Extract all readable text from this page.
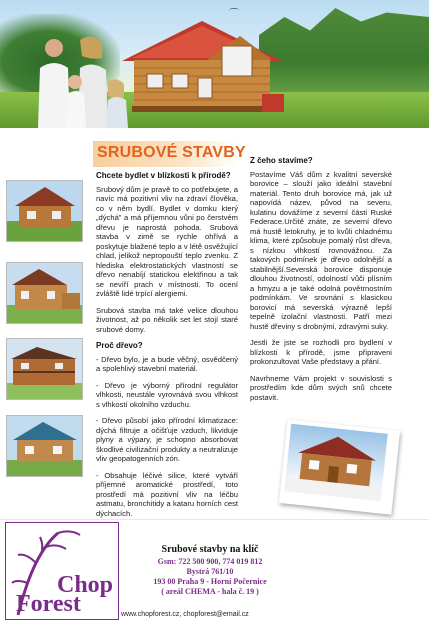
⌒
SRUBOVÉ STAVBY
Chcete bydlet v blízkosti k přírodě?

Srubový dům je pravě to co potřebujete, a navíc má pozitivní vliv na zdraví člověka, co v něm bydlí. Bydlet v domku který „dýchá" a má příjemnou vůni po čerstvém dřevu je naprostá pohoda. Srubová stavba v zimě se rychle ohřívá a poskytuje blažené teplo a v létě osvěžující chlad, jelikož nepropouští teplo zvenku. Z hlediska elektrostatických vlastností se dřevo nenabíjí statickou elektřinou a tak se nevíří prach v místnosti. To ocení zvláště lidé trpící alergiemi.

Srubová stavba má také velice dlouhou životnost, až po několik set let stojí staré srubové domy.

Proč dřevo?
- Dřevo bylo, je a bude věčný, osvědčený a spolehlivý stavební materiál.
- Dřevo je výborný přírodní regulátor vlhkosti, neustále vyrovnává svou vlhkost s vlhkostí okolního vzduchu.
- Dřevo působí jako přírodní klimatizace: dýchá filtruje a očišťuje vzduch, likviduje plyny a výpary, je schopno absorbovat škodlivé civilizační produkty a neutralizuje vliv geopatogenních zón.
- Obsahuje léčivé silice, které vytváří příjemné aromatické prostředí, toto prostředí má pozitivní vliv na léčbu astmatu, bronchitidy a kataru horních cest dýchacích.
Z čeho stavíme?

Postavíme Váš dům z kvalitní severské borovice – slouží jako ideální stavební materiál. Tento druh borovice má, jak už napovídá název, původ na severu, kulatinu dovážíme z severní části Ruské Federace.Určitě znáte, ze severní dřevo má hustě letokruhy, je to kvůli chladnému klima, které způsobuje pomalý růst dřeva, s nízkou vlhkostí rovnovážnou. Za takových podmínek je dřevo odolnější a stabilnější.Severská borovice disponuje dlouhou životností, odolností vůči plísním a hmyzu a je také odolná povětrnostním podmínkám. Ve srovnání s klasickou borovicí má severská výrazně lepší tepelně izolační vlastnosti. Patří mezi hustě dřeviny s drobnými, zdravými suky.

Jestli že jste se rozhodli pro bydlení v blízkosti k přírodě, jsme připraveni prokonzultovat Vaše představy a přání.

Navrhneme Vám projekt v souvislosti s prostředím kde dům svých snů chcete postavit.

Chop
Forest
Srubové stavby na klíč
Gsm: 722 500 900, 774 019 812
Bystrá 761/10
193 00 Praha 9 - Horní Počernice
( areál CHEMA - hala č. 19 )
www.chopforest.cz, chopforest@email.cz
